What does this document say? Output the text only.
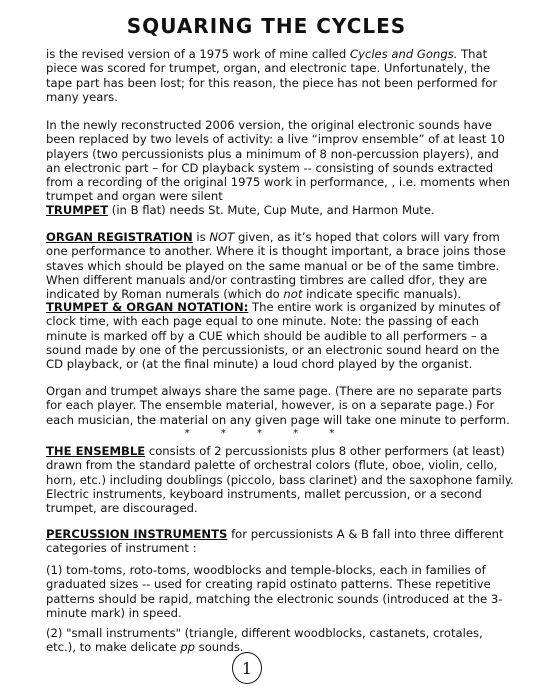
SQUARING THE CYCLES

is the revised version of a 1975 work of mine called Cycles and Gongs. That piece was scored for trumpet, organ, and electronic tape. Unfortunately, the tape part has been lost; for this reason, the piece has not been performed for many years.

In the newly reconstructed 2006 version, the original electronic sounds have been replaced by two levels of activity: a live “improv ensemble” of at least 10 players (two percussionists plus a minimum of 8 non-percussion players), and an electronic part – for CD playback system -- consisting of sounds extracted from a recording of the original 1975 work in performance, , i.e. moments when trumpet and organ were silent

TRUMPET (in B flat) needs St. Mute, Cup Mute, and Harmon Mute.

ORGAN REGISTRATION is NOT given, as it’s hoped that colors will vary from one performance to another. Where it is thought important, a brace joins those staves which should be played on the same manual or be of the same timbre. When different manuals and/or contrasting timbres are called dfor, they are indicated by Roman numerals (which do not indicate specific manuals).

TRUMPET & ORGAN NOTATION: The entire work is organized by minutes of clock time, with each page equal to one minute. Note: the passing of each minute is marked off by a CUE which should be audible to all performers – a sound made by one of the percussionists, or an electronic sound heard on the CD playback, or (at the final minute) a loud chord played by the organist.

Organ and trumpet always share the same page. (There are no separate parts for each player. The ensemble material, however, is on a separate page.) For each musician, the material on any given page will take one minute to perform.

* * * * *

THE ENSEMBLE consists of 2 percussionists plus 8 other performers (at least) drawn from the standard palette of orchestral colors (flute, oboe, violin, cello, horn, etc.) including doublings (piccolo, bass clarinet) and the saxophone family. Electric instruments, keyboard instruments, mallet percussion, or a second trumpet, are discouraged.

PERCUSSION INSTRUMENTS for percussionists A & B fall into three different categories of instrument :

(1) tom-toms, roto-toms, woodblocks and temple-blocks, each in families of graduated sizes -- used for creating rapid ostinato patterns. These repetitive patterns should be rapid, matching the electronic sounds (introduced at the 3-minute mark) in speed.

(2) "small instruments" (triangle, different woodblocks, castanets, crotales, etc.), to make delicate pp sounds.

1
